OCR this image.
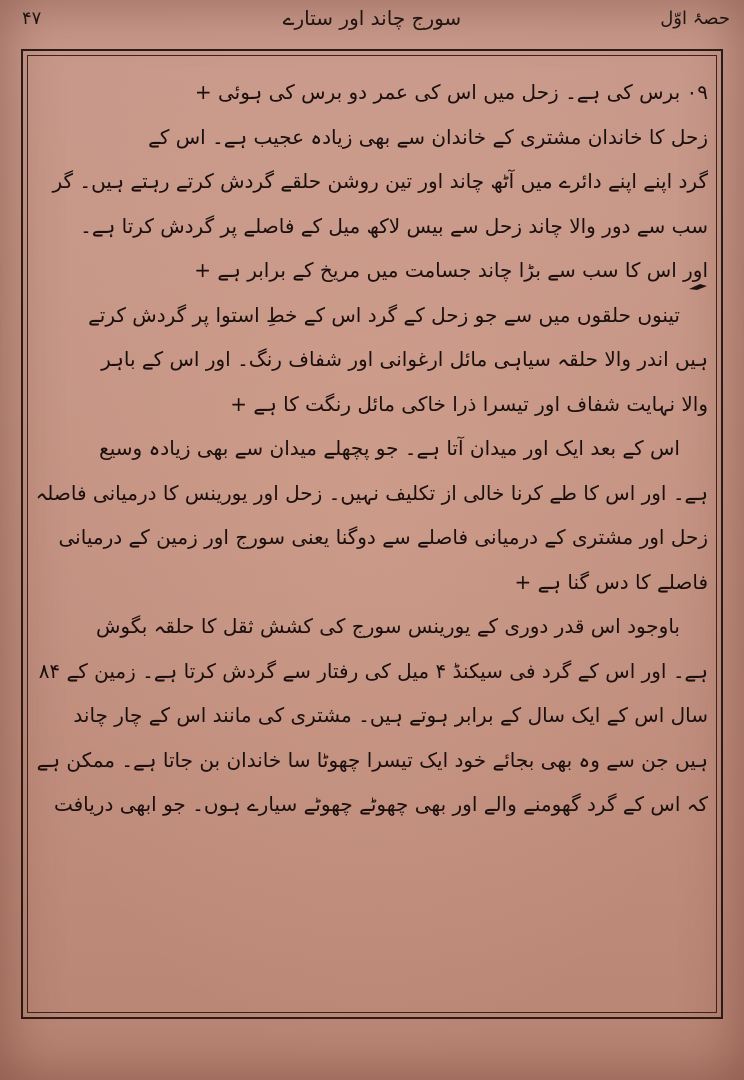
حصۂ اوّل
سورج چاند اور ستارے
۴۷
۰۹ برس کی ہے۔ زحل میں اس کی عمر دو برس کی ہوئی +
زحل کا خاندان مشتری کے خاندان سے بھی زیادہ عجیب ہے۔ اس کے
گرد اپنے اپنے دائرے میں آٹھ چاند اور تین روشن حلقے گردش کرتے رہتے ہیں۔ گر
سب سے دور والا چاند زحل سے بیس لاکھ میل کے فاصلے پر گردش کرتا ہے۔
اور اس کا سب سے بڑا چاند جسامت میں مریخ کے برابر ہے +
تینوں حلقوں میں سے جو زحل کے گرد اس کے خطِ استوا پر گردش کرتے
ہیں اندر والا حلقہ سیاہی مائل ارغوانی اور شفاف رنگ۔ اور اس کے باہر
والا نہایت شفاف اور تیسرا ذرا خاکی مائل رنگت کا ہے +
اس کے بعد ایک اور میدان آتا ہے۔ جو پچھلے میدان سے بھی زیادہ وسیع
ہے۔ اور اس کا طے کرنا خالی از تکلیف نہیں۔ زحل اور یورینس کا درمیانی فاصلہ
زحل اور مشتری کے درمیانی فاصلے سے دوگنا یعنی سورج اور زمین کے درمیانی
فاصلے کا دس گنا ہے +
باوجود اس قدر دوری کے یورینس سورج کی کشش ثقل کا حلقہ بگوش
ہے۔ اور اس کے گرد فی سیکنڈ ۴ میل کی رفتار سے گردش کرتا ہے۔ زمین کے ۸۴
سال اس کے ایک سال کے برابر ہوتے ہیں۔ مشتری کی مانند اس کے چار چاند
ہیں جن سے وہ بھی بجائے خود ایک تیسرا چھوٹا سا خاندان بن جاتا ہے۔ ممکن ہے
کہ اس کے گرد گھومنے والے اور بھی چھوٹے چھوٹے سیارے ہوں۔ جو ابھی دریافت
